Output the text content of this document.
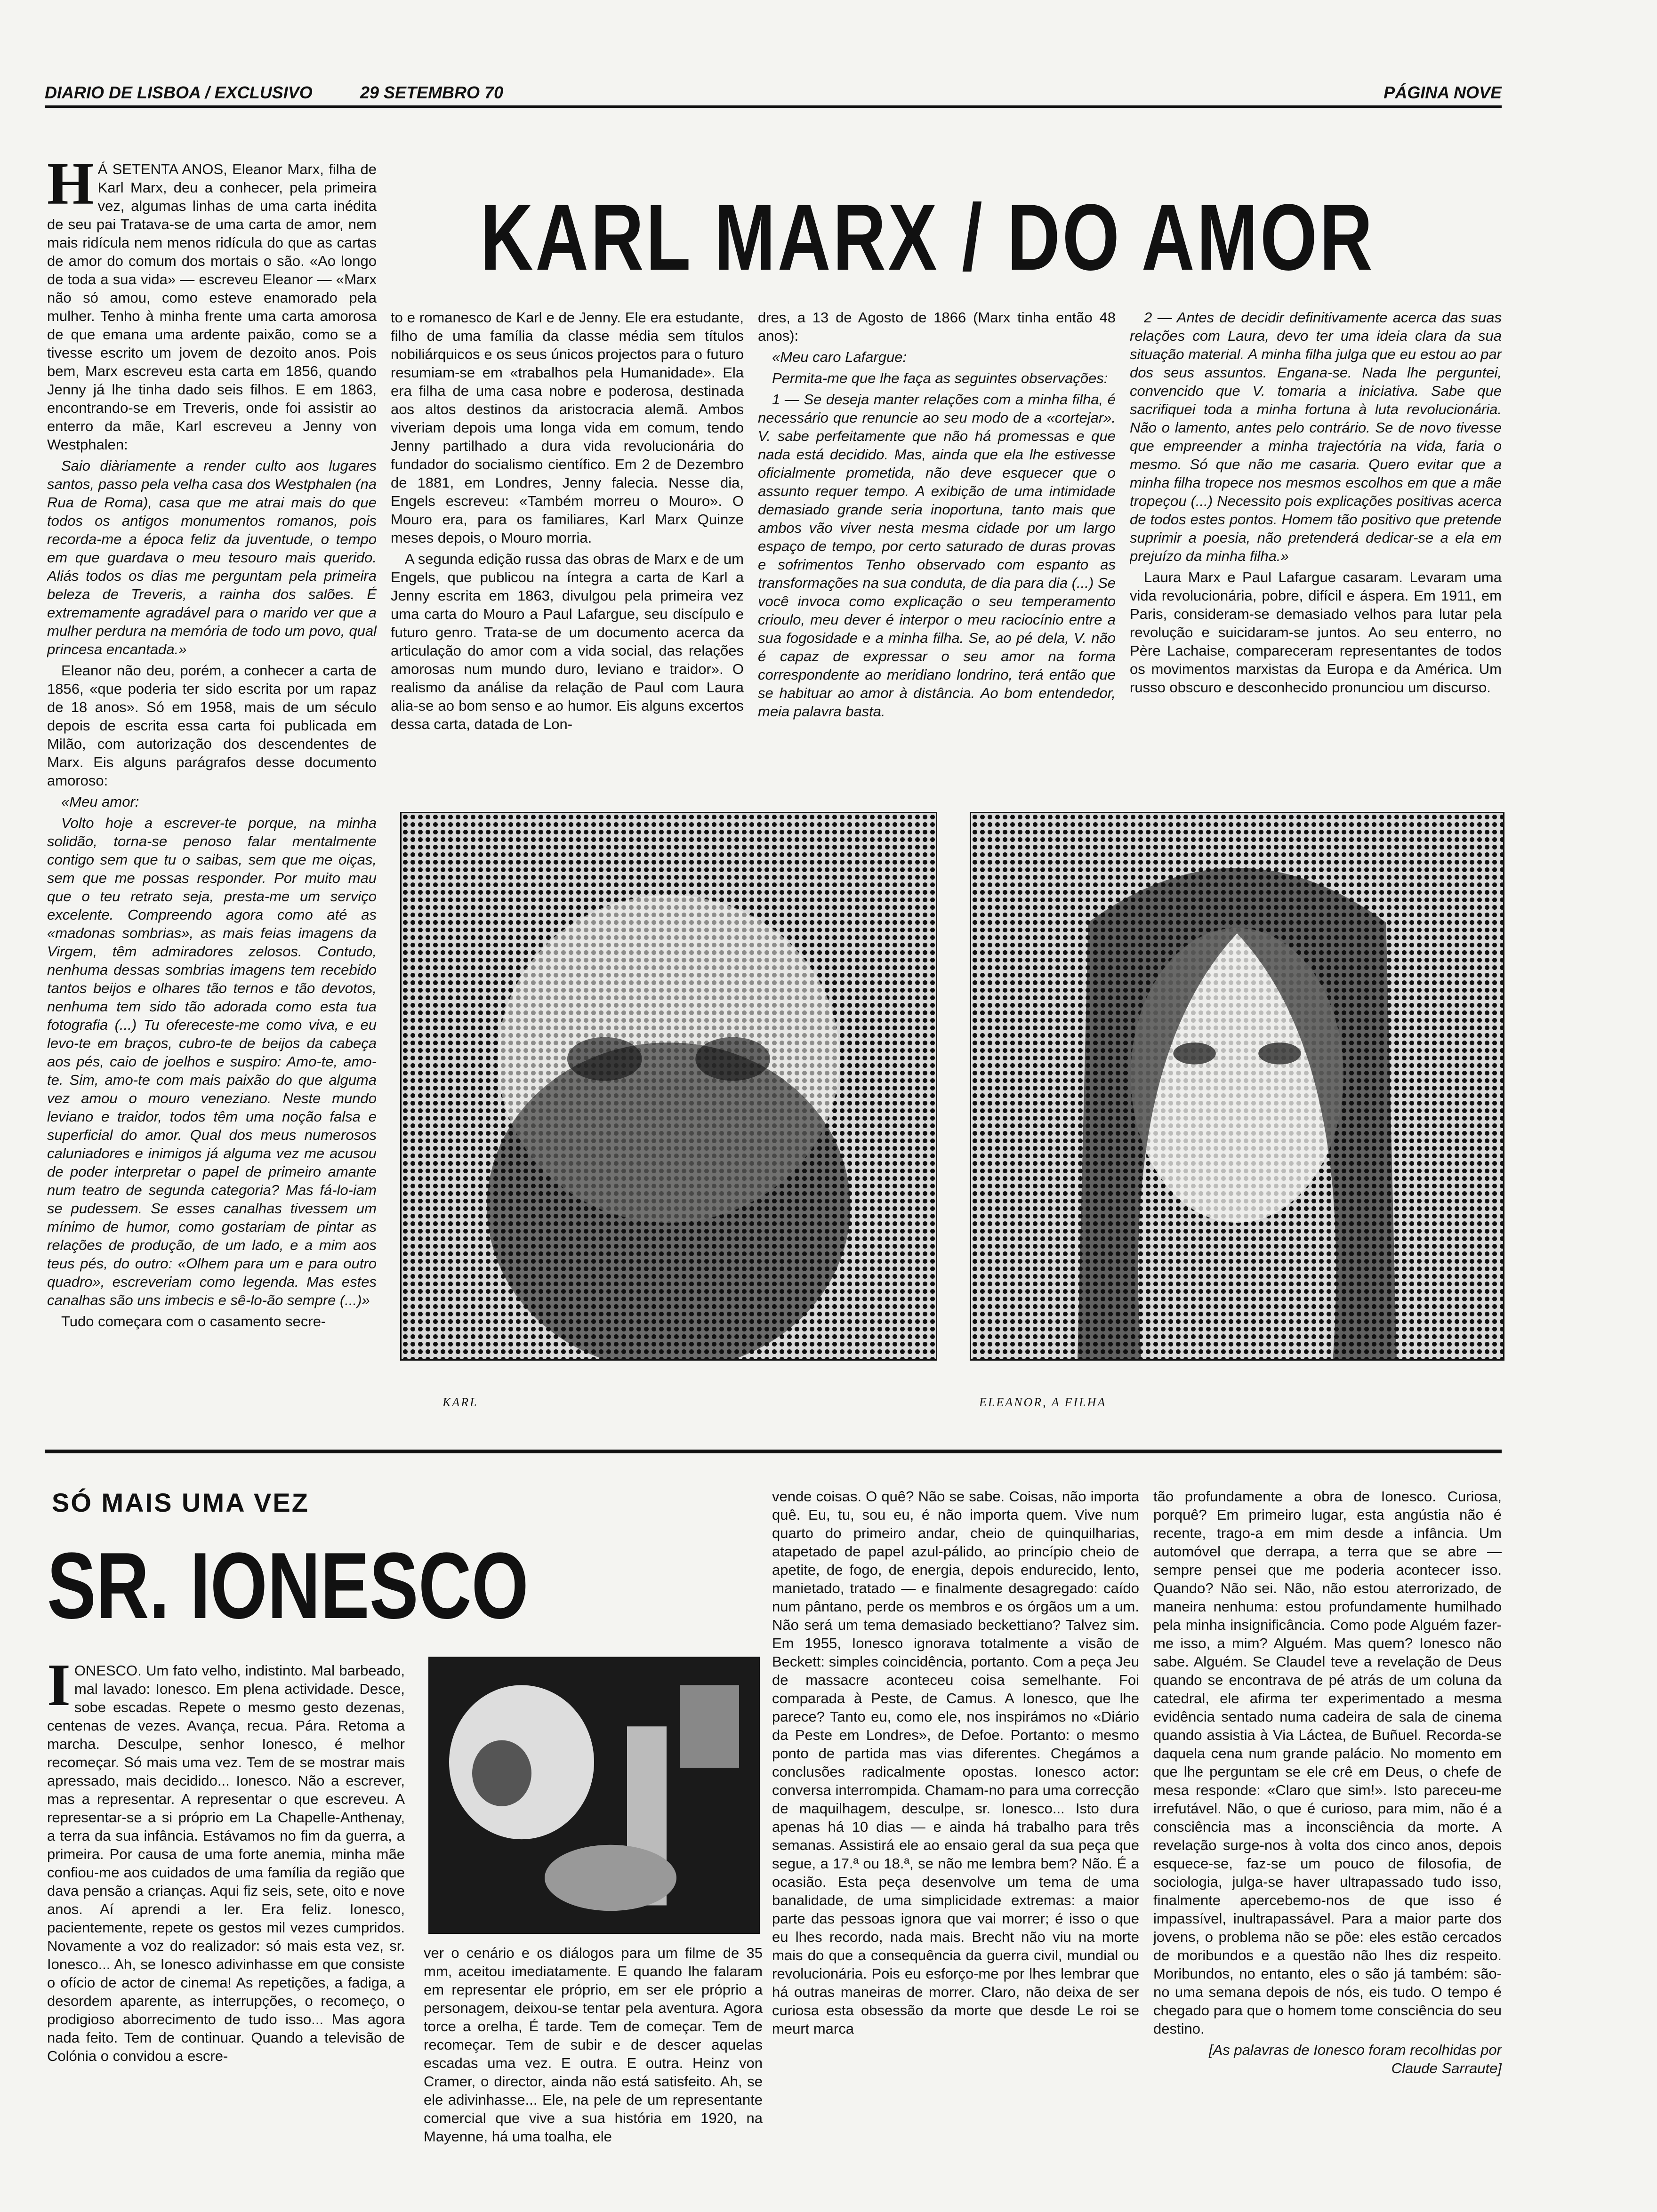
DIARIO DE LISBOA / EXCLUSIVO	29 SETEMBRO 70	PÁGINA NOVE
KARL MARX / DO AMOR
H Á SETENTA ANOS, Eleanor Marx, filha de Karl Marx, deu a conhecer, pela primeira vez, algumas linhas de uma carta inédita de seu pai Tratava-se de uma carta de amor, nem mais ridícula nem menos ridícula do que as cartas de amor do comum dos mortais o são. «Ao longo de toda a sua vida» — escreveu Eleanor — «Marx não só amou, como esteve enamorado pela mulher. Tenho à minha frente uma carta amorosa de que emana uma ardente paixão, como se a tivesse escrito um jovem de dezoito anos. Pois bem, Marx escreveu esta carta em 1856, quando Jenny já lhe tinha dado seis filhos. E em 1863, encontrando-se em Treveris, onde foi assistir ao enterro da mãe, Karl escreveu a Jenny von Westphalen:

Saio diàriamente a render culto aos lugares santos, passo pela velha casa dos Westphalen (na Rua de Roma), casa que me atrai mais do que todos os antigos monumentos romanos, pois recorda-me a época feliz da juventude, o tempo em que guardava o meu tesouro mais querido. Aliás todos os dias me perguntam pela primeira beleza de Treveris, a rainha dos salões. É extremamente agradável para o marido ver que a mulher perdura na memória de todo um povo, qual princesa encantada.»

Eleanor não deu, porém, a conhecer a carta de 1856, «que poderia ter sido escrita por um rapaz de 18 anos». Só em 1958, mais de um século depois de escrita essa carta foi publicada em Milão, com autorização dos descendentes de Marx. Eis alguns parágrafos desse documento amoroso:

«Meu amor:

Volto hoje a escrever-te porque, na minha solidão, torna-se penoso falar mentalmente contigo sem que tu o saibas, sem que me oiças, sem que me possas responder. Por muito mau que o teu retrato seja, presta-me um serviço excelente. Compreendo agora como até as «madonas sombrias», as mais feias imagens da Virgem, têm admiradores zelosos. Contudo, nenhuma dessas sombrias imagens tem recebido tantos beijos e olhares tão ternos e tão devotos, nenhuma tem sido tão adorada como esta tua fotografia (...) Tu ofereceste-me como viva, e eu levo-te em braços, cubro-te de beijos da cabeça aos pés, caio de joelhos e suspiro: Amo-te, amo-te. Sim, amo-te com mais paixão do que alguma vez amou o mouro veneziano. Neste mundo leviano e traidor, todos têm uma noção falsa e superficial do amor. Qual dos meus numerosos caluniadores e inimigos já alguma vez me acusou de poder interpretar o papel de primeiro amante num teatro de segunda categoria? Mas fá-lo-iam se pudessem. Se esses canalhas tivessem um mínimo de humor, como gostariam de pintar as relações de produção, de um lado, e a mim aos teus pés, do outro: «Olhem para um e para outro quadro», escreveriam como legenda. Mas estes canalhas são uns imbecis e sê-lo-ão sempre (...)»

Tudo começara com o casamento secre-

to e romanesco de Karl e de Jenny. Ele era estudante, filho de uma família da classe média sem títulos nobiliárquicos e os seus únicos projectos para o futuro resumiam-se em «trabalhos pela Humanidade». Ela era filha de uma casa nobre e poderosa, destinada aos altos destinos da aristocracia alemã. Ambos viveriam depois uma longa vida em comum, tendo Jenny partilhado a dura vida revolucionária do fundador do socialismo científico. Em 2 de Dezembro de 1881, em Londres, Jenny falecia. Nesse dia, Engels escreveu: «Também morreu o Mouro». O Mouro era, para os familiares, Karl Marx Quinze meses depois, o Mouro morria.

A segunda edição russa das obras de Marx e de um Engels, que publicou na íntegra a carta de Karl a Jenny escrita em 1863, divulgou pela primeira vez uma carta do Mouro a Paul Lafargue, seu discípulo e futuro genro. Trata-se de um documento acerca da articulação do amor com a vida social, das relações amorosas num mundo duro, leviano e traidor». O realismo da análise da relação de Paul com Laura alia-se ao bom senso e ao humor. Eis alguns excertos dessa carta, datada de Lon-

dres, a 13 de Agosto de 1866 (Marx tinha então 48 anos):

«Meu caro Lafargue:

Permita-me que lhe faça as seguintes observações:

1 — Se deseja manter relações com a minha filha, é necessário que renuncie ao seu modo de a «cortejar». V. sabe perfeitamente que não há promessas e que nada está decidido. Mas, ainda que ela lhe estivesse oficialmente prometida, não deve esquecer que o assunto requer tempo. A exibição de uma intimidade demasiado grande seria inoportuna, tanto mais que ambos vão viver nesta mesma cidade por um largo espaço de tempo, por certo saturado de duras provas e sofrimentos Tenho observado com espanto as transformações na sua conduta, de dia para dia (...) Se você invoca como explicação o seu temperamento crioulo, meu dever é interpor o meu raciocínio entre a sua fogosidade e a minha filha. Se, ao pé dela, V. não é capaz de expressar o seu amor na forma correspondente ao meridiano londrino, terá então que se habituar ao amor à distância. Ao bom entendedor, meia palavra basta.

2 — Antes de decidir definitivamente acerca das suas relações com Laura, devo ter uma ideia clara da sua situação material. A minha filha julga que eu estou ao par dos seus assuntos. Engana-se. Nada lhe perguntei, convencido que V. tomaria a iniciativa. Sabe que sacrifiquei toda a minha fortuna à luta revolucionária. Não o lamento, antes pelo contrário. Se de novo tivesse que empreender a minha trajectória na vida, faria o mesmo. Só que não me casaria. Quero evitar que a minha filha tropece nos mesmos escolhos em que a mãe tropeçou (...) Necessito pois explicações positivas acerca de todos estes pontos. Homem tão positivo que pretende suprimir a poesia, não pretenderá dedicar-se a ela em prejuízo da minha filha.»

Laura Marx e Paul Lafargue casaram. Levaram uma vida revolucionária, pobre, difícil e áspera. Em 1911, em Paris, consideram-se demasiado velhos para lutar pela revolução e suicidaram-se juntos. Ao seu enterro, no Père Lachaise, compareceram representantes de todos os movimentos marxistas da Europa e da América. Um russo obscuro e desconhecido pronunciou um discurso.

KARL	ELEANOR, A FILHA
SÓ MAIS UMA VEZ
SR. IONESCO
I ONESCO. Um fato velho, indistinto. Mal barbeado, mal lavado: Ionesco. Em plena actividade. Desce, sobe escadas. Repete o mesmo gesto dezenas, centenas de vezes. Avança, recua. Pára. Retoma a marcha. Desculpe, senhor Ionesco, é melhor recomeçar. Só mais uma vez. Tem de se mostrar mais apressado, mais decidido... Ionesco. Não a escrever, mas a representar. A representar o que escreveu. A representar-se a si próprio em La Chapelle-Anthenay, a terra da sua infância. Estávamos no fim da guerra, a primeira. Por causa de uma forte anemia, minha mãe confiou-me aos cuidados de uma família da região que dava pensão a crianças. Aqui fiz seis, sete, oito e nove anos. Aí aprendi a ler. Era feliz. Ionesco, pacientemente, repete os gestos mil vezes cumpridos. Novamente a voz do realizador: só mais esta vez, sr. Ionesco... Ah, se Ionesco adivinhasse em que consiste o ofício de actor de cinema! As repetições, a fadiga, a desordem aparente, as interrupções, o recomeço, o prodigioso aborrecimento de tudo isso... Mas agora nada feito. Tem de continuar. Quando a televisão de Colónia o convidou a escre-

ver o cenário e os diálogos para um filme de 35 mm, aceitou imediatamente. E quando lhe falaram em representar ele próprio, em ser ele próprio a personagem, deixou-se tentar pela aventura. Agora torce a orelha, É tarde. Tem de começar. Tem de recomeçar. Tem de subir e de descer aquelas escadas uma vez. E outra. E outra. Heinz von Cramer, o director, ainda não está satisfeito. Ah, se ele adivinhasse... Ele, na pele de um representante comercial que vive a sua história em 1920, na Mayenne, há uma toalha, ele

vende coisas. O quê? Não se sabe. Coisas, não importa quê. Eu, tu, sou eu, é não importa quem. Vive num quarto do primeiro andar, cheio de quinquilharias, atapetado de papel azul-pálido, ao princípio cheio de apetite, de fogo, de energia, depois endurecido, lento, manietado, tratado — e finalmente desagregado: caído num pântano, perde os membros e os órgãos um a um. Não será um tema demasiado beckettiano? Talvez sim. Em 1955, Ionesco ignorava totalmente a visão de Beckett: simples coincidência, portanto. Com a peça Jeu de massacre aconteceu coisa semelhante. Foi comparada à Peste, de Camus. A Ionesco, que lhe parece? Tanto eu, como ele, nos inspirámos no «Diário da Peste em Londres», de Defoe. Portanto: o mesmo ponto de partida mas vias diferentes. Chegámos a conclusões radicalmente opostas. Ionesco actor: conversa interrompida. Chamam-no para uma correcção de maquilhagem, desculpe, sr. Ionesco... Isto dura apenas há 10 dias — e ainda há trabalho para três semanas. Assistirá ele ao ensaio geral da sua peça que segue, a 17.ª ou 18.ª, se não me lembra bem? Não. É a ocasião. Esta peça desenvolve um tema de uma banalidade, de uma simplicidade extremas: a maior parte das pessoas ignora que vai morrer; é isso o que eu lhes recordo, nada mais. Brecht não viu na morte mais do que a consequência da guerra civil, mundial ou revolucionária. Pois eu esforço-me por lhes lembrar que há outras maneiras de morrer. Claro, não deixa de ser curiosa esta obsessão da morte que desde Le roi se meurt marca

tão profundamente a obra de Ionesco. Curiosa, porquê? Em primeiro lugar, esta angústia não é recente, trago-a em mim desde a infância. Um automóvel que derrapa, a terra que se abre — sempre pensei que me poderia acontecer isso. Quando? Não sei. Não, não estou aterrorizado, de maneira nenhuma: estou profundamente humilhado pela minha insignificância. Como pode Alguém fazer-me isso, a mim? Alguém. Mas quem? Ionesco não sabe. Alguém. Se Claudel teve a revelação de Deus quando se encontrava de pé atrás de um coluna da catedral, ele afirma ter experimentado a mesma evidência sentado numa cadeira de sala de cinema quando assistia à Via Láctea, de Buñuel. Recorda-se daquela cena num grande palácio. No momento em que lhe perguntam se ele crê em Deus, o chefe de mesa responde: «Claro que sim!». Isto pareceu-me irrefutável. Não, o que é curioso, para mim, não é a consciência mas a inconsciência da morte. A revelação surge-nos à volta dos cinco anos, depois esquece-se, faz-se um pouco de filosofia, de sociologia, julga-se haver ultrapassado tudo isso, finalmente apercebemo-nos de que isso é impassível, inultrapassável. Para a maior parte dos jovens, o problema não se põe: eles estão cercados de moribundos e a questão não lhes diz respeito. Moribundos, no entanto, eles o são já também: são-no uma semana depois de nós, eis tudo. O tempo é chegado para que o homem tome consciência do seu destino.

[As palavras de Ionesco foram recolhidas por Claude Sarraute]
